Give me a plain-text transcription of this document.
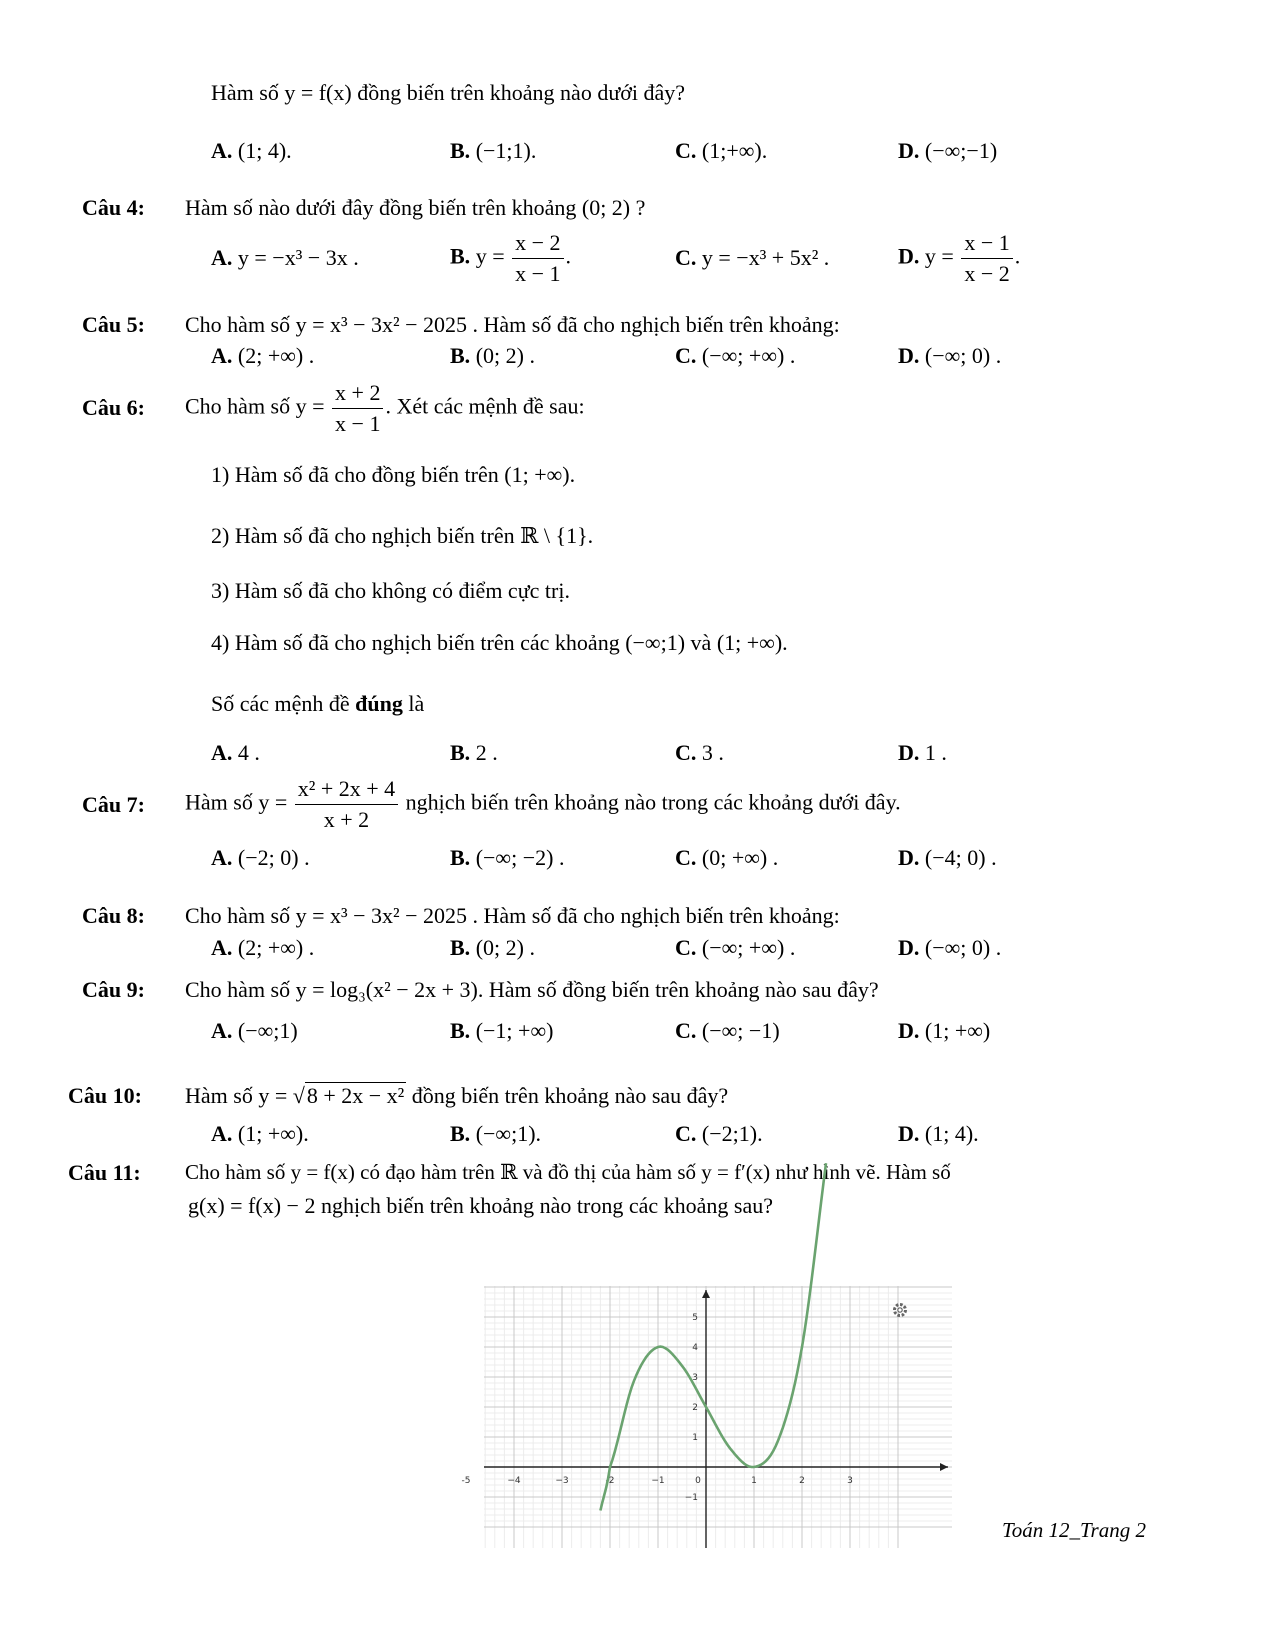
Hàm số y = f(x) đồng biến trên khoảng nào dưới đây?
A. (1; 4).	B. (−1;1).	C. (1;+∞).	D. (−∞;−1)
Câu 4: Hàm số nào dưới đây đồng biến trên khoảng (0; 2) ?
A. y = −x³ − 3x .	B. $y = \frac{x - 2}{x - 1}$ .	C. y = −x³ + 5x² .	D. $y = \frac{x - 1}{x - 2}$ .
Câu 5: Cho hàm số y = x³ − 3x² − 2025 . Hàm số đã cho nghịch biến trên khoảng:
A. (2; +∞) .	B. (0; 2) .	C. (−∞; +∞) .	D. (−∞; 0) .
Câu 6: Cho hàm số $y = \frac{x + 2}{x - 1}$ . Xét các mệnh đề sau:
1) Hàm số đã cho đồng biến trên (1; +∞).
2) Hàm số đã cho nghịch biến trên ℝ \ {1}.
3) Hàm số đã cho không có điểm cực trị.
4) Hàm số đã cho nghịch biến trên các khoảng (−∞;1) và (1; +∞).
Số các mệnh đề đúng là
A. 4 .	B. 2 .	C. 3 .	D. 1 .
Câu 7: Hàm số $y = \frac{\text{x² + 2x + 4}}{x + 2}$ nghịch biến trên khoảng nào trong các khoảng dưới đây.
A. (−2; 0) .	B. (−∞; −2) .	C. (0; +∞) .	D. (−4; 0) .
Câu 8: Cho hàm số y = x³ − 3x² − 2025 . Hàm số đã cho nghịch biến trên khoảng:
A. (2; +∞) .	B. (0; 2) .	C. (−∞; +∞) .	D. (−∞; 0) .
Câu 9: Cho hàm số y = log₃(x² − 2x + 3). Hàm số đồng biến trên khoảng nào sau đây?
A. (−∞;1)	B. (−1; +∞)	C. (−∞; −1)	D. (1; +∞)
Câu 10: Hàm số y = √8 + 2x − x² đồng biến trên khoảng nào sau đây?
A. (1; +∞).	B. (−∞;1).	C. (−2;1).	D. (1; 4).
Câu 11: Cho hàm số y = f(x) có đạo hàm trên ℝ và đồ thị của hàm số y = f′(x) như hình vẽ. Hàm số
g(x) = f(x) − 2 nghịch biến trên khoảng nào trong các khoảng sau?
-5	−4	−3	-2	−1	0	1	2	3
−1
1
2
3
4
5
Toán 12_Trang 2
